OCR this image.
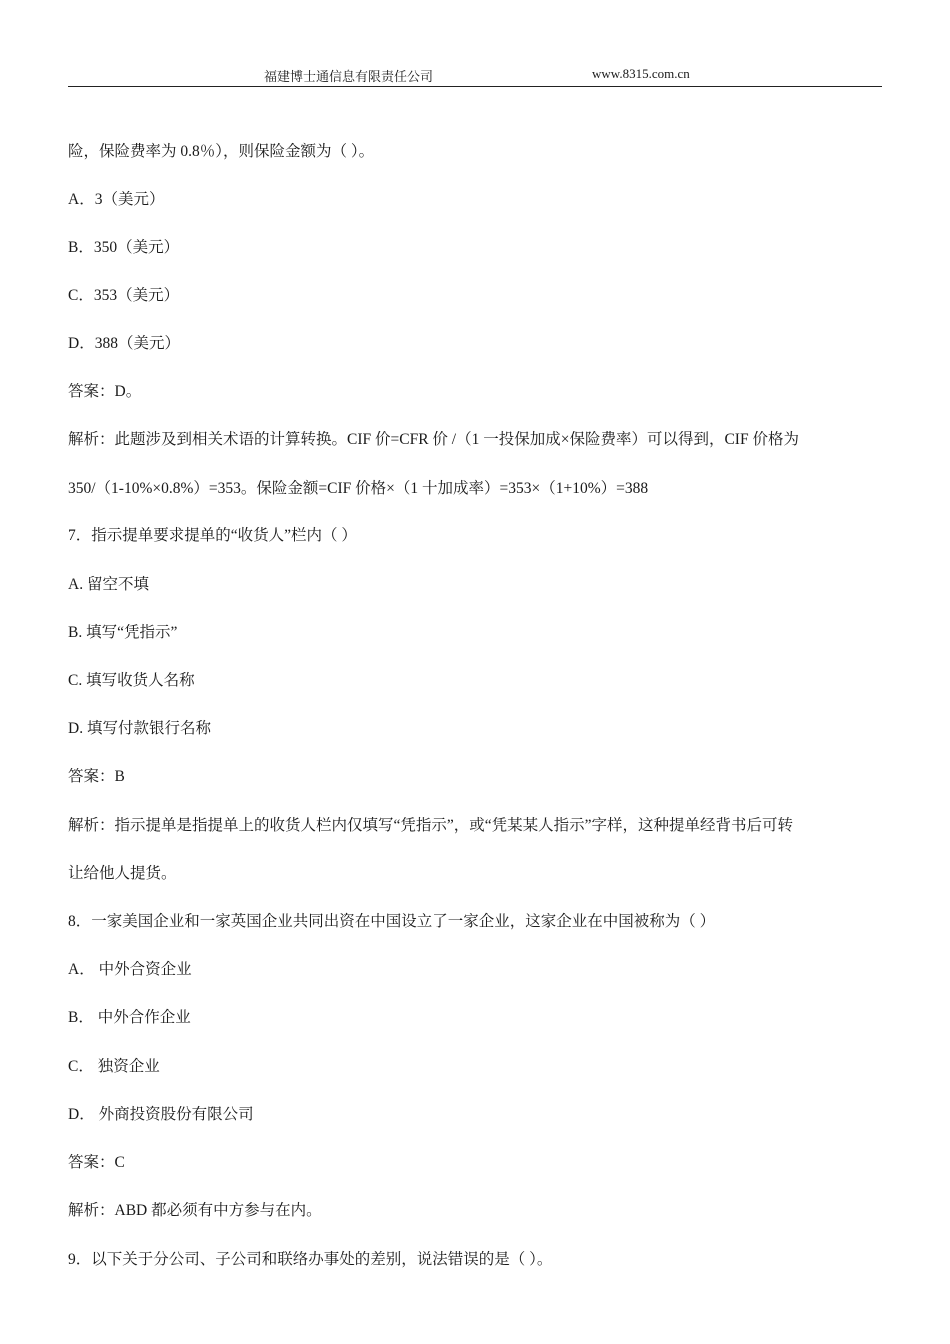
福建博士通信息有限责任公司	www.8315.com.cn
险，保险费率为 0.8％），则保险金额为（ ）。
A．3（美元）
B．350（美元）
C．353（美元）
D．388（美元）
答案：D。
解析：此题涉及到相关术语的计算转换。CIF 价=CFR 价 /（1 一投保加成×保险费率）可以得到，CIF 价格为
350/（1-10%×0.8%）=353。保险金额=CIF 价格×（1 十加成率）=353×（1+10%）=388
7．指示提单要求提单的“收货人”栏内（ ）
A. 留空不填
B. 填写“凭指示”
C. 填写收货人名称
D. 填写付款银行名称
答案：B
解析：指示提单是指提单上的收货人栏内仅填写“凭指示”，或“凭某某人指示”字样，这种提单经背书后可转
让给他人提货。
8．一家美国企业和一家英国企业共同出资在中国设立了一家企业，这家企业在中国被称为（ ）
A． 中外合资企业
B． 中外合作企业
C． 独资企业
D． 外商投资股份有限公司
答案：C
解析：ABD 都必须有中方参与在内。
9．以下关于分公司、子公司和联络办事处的差别，说法错误的是（ ）。
